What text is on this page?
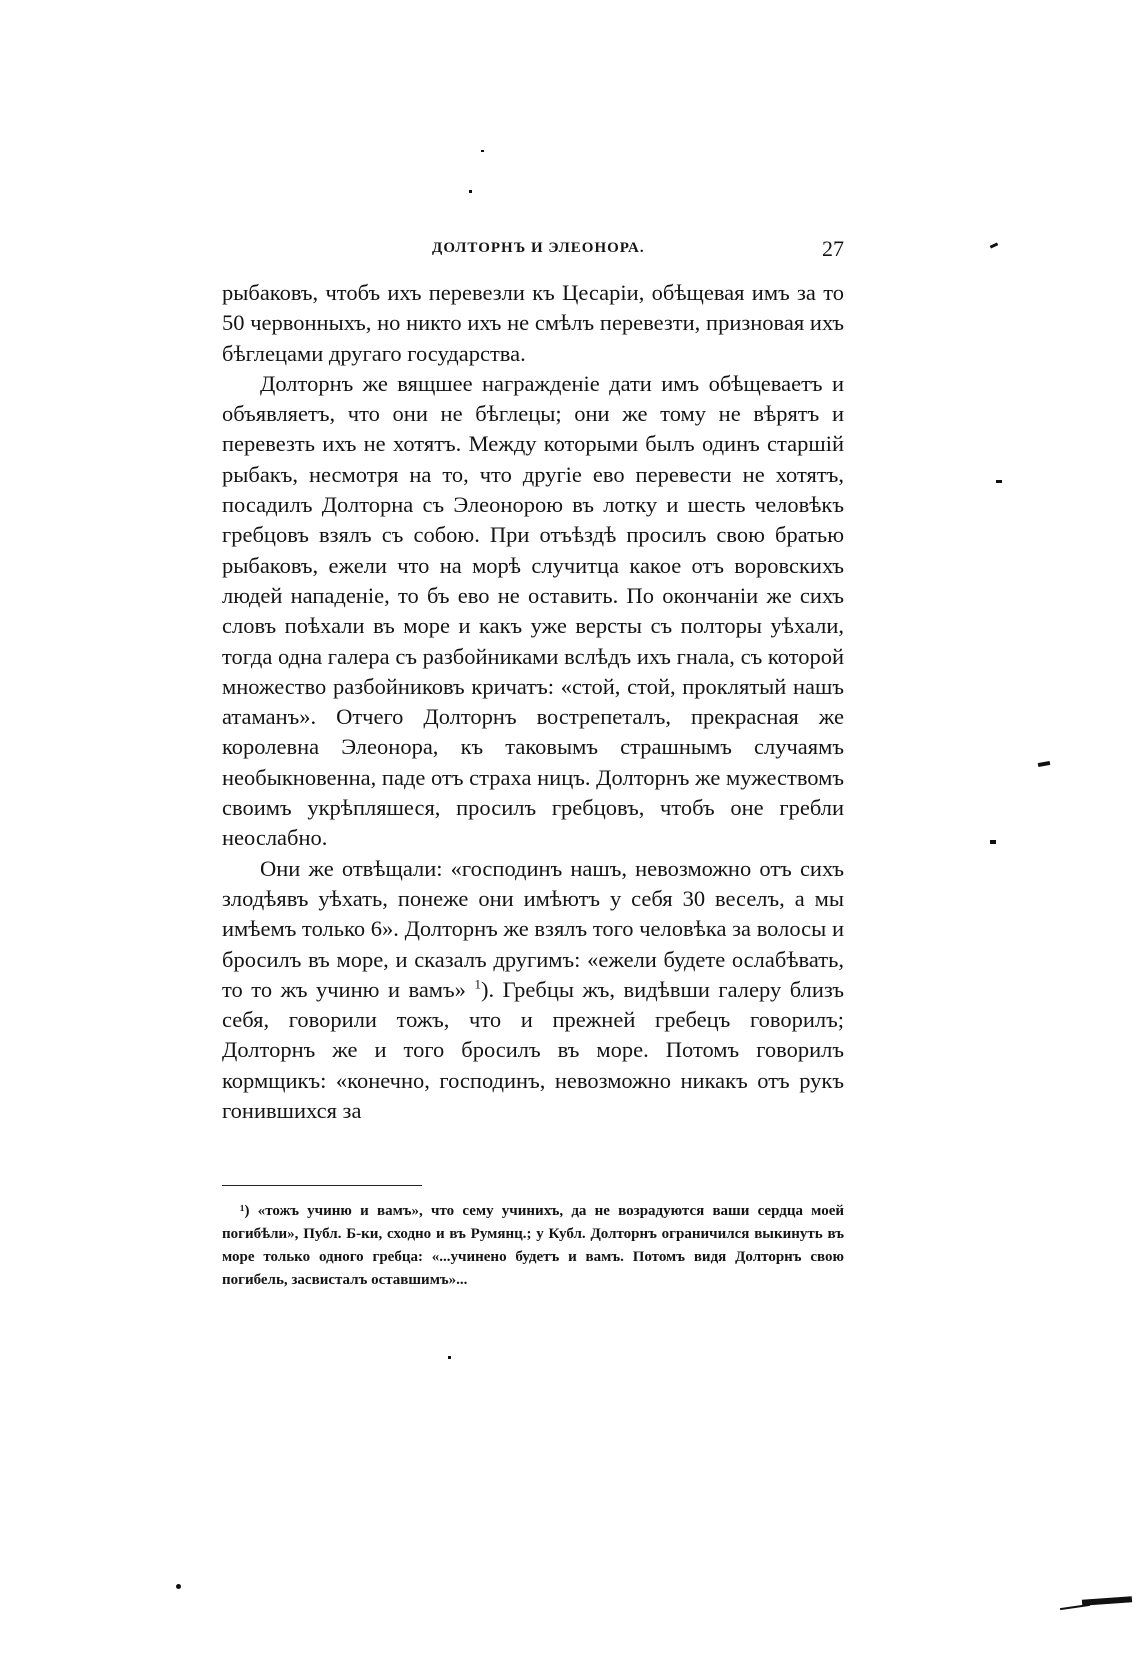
ДОЛТОРНЪ И ЭЛЕОНОРА.	27

рыбаковъ, чтобъ ихъ перевезли къ Цесаріи, обѣщевая имъ за то 50 червонныхъ, но никто ихъ не смѣлъ перевезти, призновая ихъ бѣглецами другаго государства.

Долторнъ же вящшее награжденіе дати имъ обѣщеваетъ и объявляетъ, что они не бѣглецы; они же тому не вѣрятъ и перевезть ихъ не хотятъ. Между которыми былъ одинъ старшій рыбакъ, несмотря на то, что другіе ево перевести не хотятъ, посадилъ Долторна съ Элеонорою въ лотку и шесть человѣкъ гребцовъ взялъ съ собою. При отъѣздѣ просилъ свою братью рыбаковъ, ежели что на морѣ случитца какое отъ воровскихъ людей нападеніе, то бъ ево не оставить. По окончаніи же сихъ словъ поѣхали въ море и какъ уже версты съ полторы уѣхали, тогда одна галера съ разбойниками вслѣдъ ихъ гнала, съ которой множество разбойниковъ кричатъ: «стой, стой, проклятый нашъ атаманъ». Отчего Долторнъ вострепеталъ, прекрасная же королевна Элеонора, къ таковымъ страшнымъ случаямъ необыкновенна, паде отъ страха ницъ. Долторнъ же мужествомъ своимъ укрѣпляшеся, просилъ гребцовъ, чтобъ оне гребли неослабно.

Они же отвѣщали: «господинъ нашъ, невозможно отъ сихъ злодѣявъ уѣхать, понеже они имѣютъ у себя 30 веселъ, а мы имѣемъ только 6». Долторнъ же взялъ того человѣка за волосы и бросилъ въ море, и сказалъ другимъ: «ежели будете ослабѣвать, то то жъ учиню и вамъ» $^1$). Гребцы жъ, видѣвши галеру близъ себя, говорили тожъ, что и прежней гребецъ говорилъ; Долторнъ же и того бросилъ въ море. Потомъ говорилъ кормщикъ: «конечно, господинъ, невозможно никакъ отъ рукъ гонившихся за

¹) «тожъ учиню и вамъ», что сему учинихъ, да не возрадуются ваши сердца моей погибѣли», Публ. Б-ки, сходно и въ Румянц.; у Кубл. Долторнъ ограничился выкинуть въ море только одного гребца: «...учинено будетъ и вамъ. Потомъ видя Долторнъ свою погибель, засвисталъ оставшимъ»...
